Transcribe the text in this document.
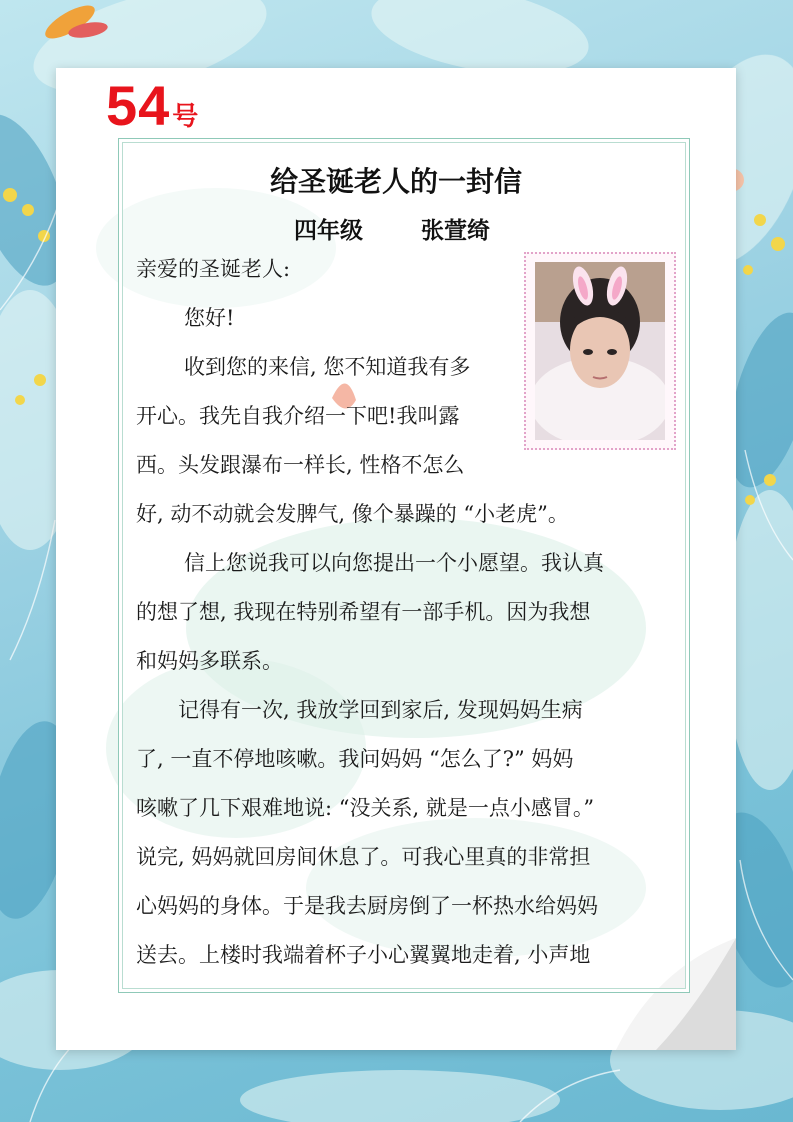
54号
给圣诞老人的一封信
四年级	张萱绮
亲爱的圣诞老人:
您好!
收到您的来信, 您不知道我有多
开心。我先自我介绍一下吧!我叫露
西。头发跟瀑布一样长, 性格不怎么
好, 动不动就会发脾气, 像个暴躁的 “小老虎”。
信上您说我可以向您提出一个小愿望。我认真
的想了想, 我现在特别希望有一部手机。因为我想
和妈妈多联系。
记得有一次, 我放学回到家后, 发现妈妈生病
了, 一直不停地咳嗽。我问妈妈 “怎么了?” 妈妈
咳嗽了几下艰难地说: “没关系, 就是一点小感冒。”
说完, 妈妈就回房间休息了。可我心里真的非常担
心妈妈的身体。于是我去厨房倒了一杯热水给妈妈
送去。上楼时我端着杯子小心翼翼地走着, 小声地
